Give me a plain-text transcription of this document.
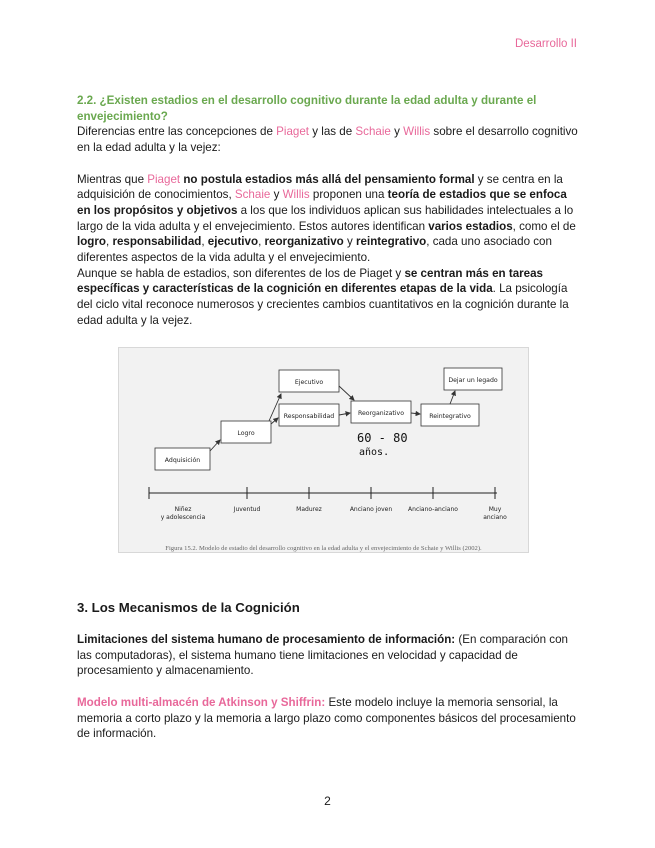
Desarrollo II
2.2. ¿Existen estadios en el desarrollo cognitivo durante la edad adulta y durante el envejecimiento?

Diferencias entre las concepciones de Piaget y las de Schaie y Willis sobre el desarrollo cognitivo en la edad adulta y la vejez:

Mientras que Piaget no postula estadios más allá del pensamiento formal y se centra en la adquisición de conocimientos, Schaie y Willis proponen una teoría de estadios que se enfoca en los propósitos y objetivos a los que los individuos aplican sus habilidades intelectuales a lo largo de la vida adulta y el envejecimiento. Estos autores identifican varios estadios, como el de logro, responsabilidad, ejecutivo, reorganizativo y reintegrativo, cada uno asociado con diferentes aspectos de la vida adulta y el envejecimiento.

Aunque se habla de estadios, son diferentes de los de Piaget y se centran más en tareas específicas y características de la cognición en diferentes etapas de la vida. La psicología del ciclo vital reconoce numerosos y crecientes cambios cuantitativos en la cognición durante la edad adulta y la vejez.

Adquisición
Logro
Responsabilidad
Ejecutivo
Reorganizativo	Reintegrativo
Dejar un legado
60 - 80
años.
Niñez
y adolescencia
Juventud	Madurez	Anciano joven	Anciano-anciano	Muy
anciano
Figura 15.2. Modelo de estadio del desarrollo cognitivo en la edad adulta y el envejecimiento de Schaie y Willis (2002).
3. Los Mecanismos de la Cognición

Limitaciones del sistema humano de procesamiento de información: (En comparación con las computadoras), el sistema humano tiene limitaciones en velocidad y capacidad de procesamiento y almacenamiento.

Modelo multi-almacén de Atkinson y Shiffrin: Este modelo incluye la memoria sensorial, la memoria a corto plazo y la memoria a largo plazo como componentes básicos del procesamiento de información.

2
